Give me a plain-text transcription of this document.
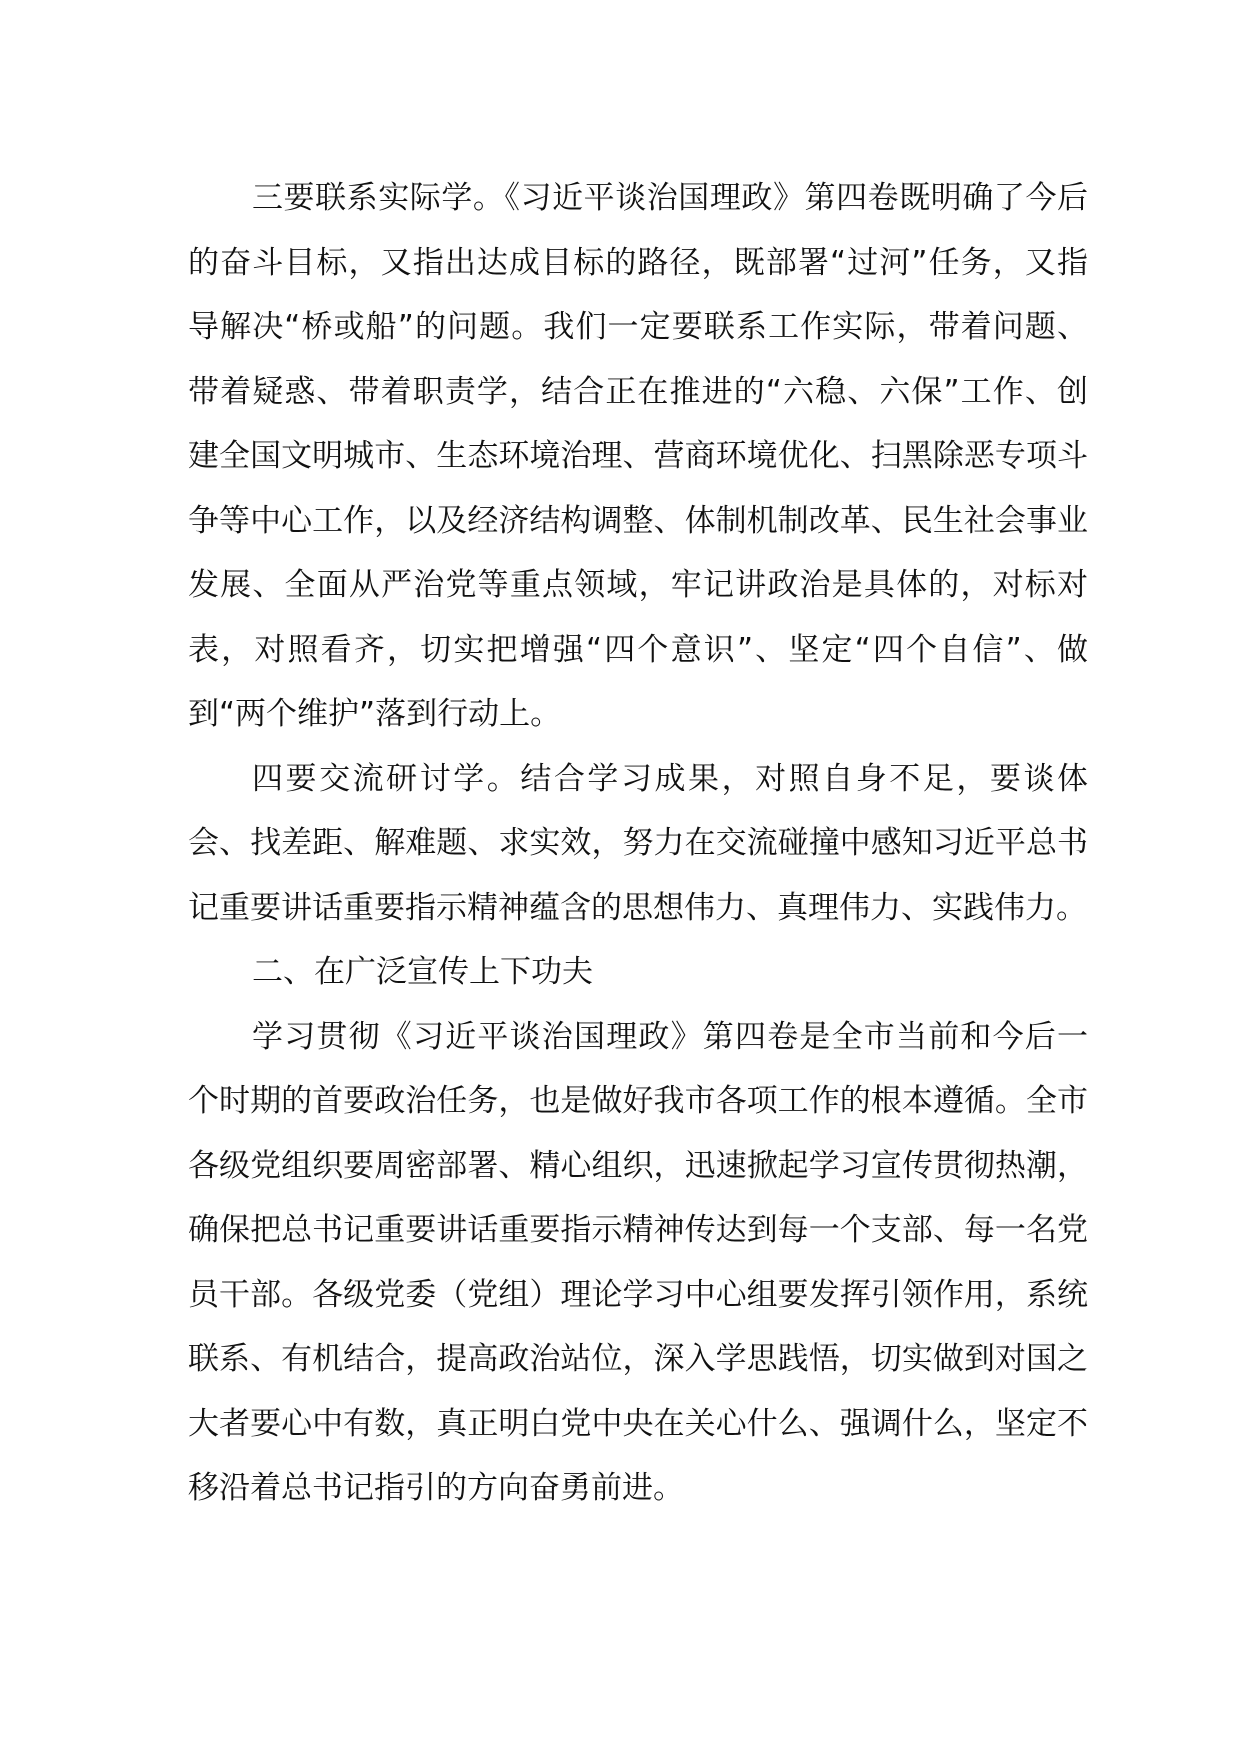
三要联系实际学。《习近平谈治国理政》第四卷既明确了今后的奋斗目标，又指出达成目标的路径，既部署“过河”任务，又指导解决“桥或船”的问题。我们一定要联系工作实际，带着问题、带着疑惑、带着职责学，结合正在推进的“六稳、六保”工作、创建全国文明城市、生态环境治理、营商环境优化、扫黑除恶专项斗争等中心工作，以及经济结构调整、体制机制改革、民生社会事业发展、全面从严治党等重点领域，牢记讲政治是具体的，对标对表，对照看齐，切实把增强“四个意识”、坚定“四个自信”、做到“两个维护”落到行动上。

四要交流研讨学。结合学习成果，对照自身不足，要谈体会、找差距、解难题、求实效，努力在交流碰撞中感知习近平总书记重要讲话重要指示精神蕴含的思想伟力、真理伟力、实践伟力。

二、在广泛宣传上下功夫

学习贯彻《习近平谈治国理政》第四卷是全市当前和今后一个时期的首要政治任务，也是做好我市各项工作的根本遵循。全市各级党组织要周密部署、精心组织，迅速掀起学习宣传贯彻热潮，确保把总书记重要讲话重要指示精神传达到每一个支部、每一名党员干部。各级党委（党组）理论学习中心组要发挥引领作用，系统联系、有机结合，提高政治站位，深入学思践悟，切实做到对国之大者要心中有数，真正明白党中央在关心什么、强调什么，坚定不移沿着总书记指引的方向奋勇前进。
